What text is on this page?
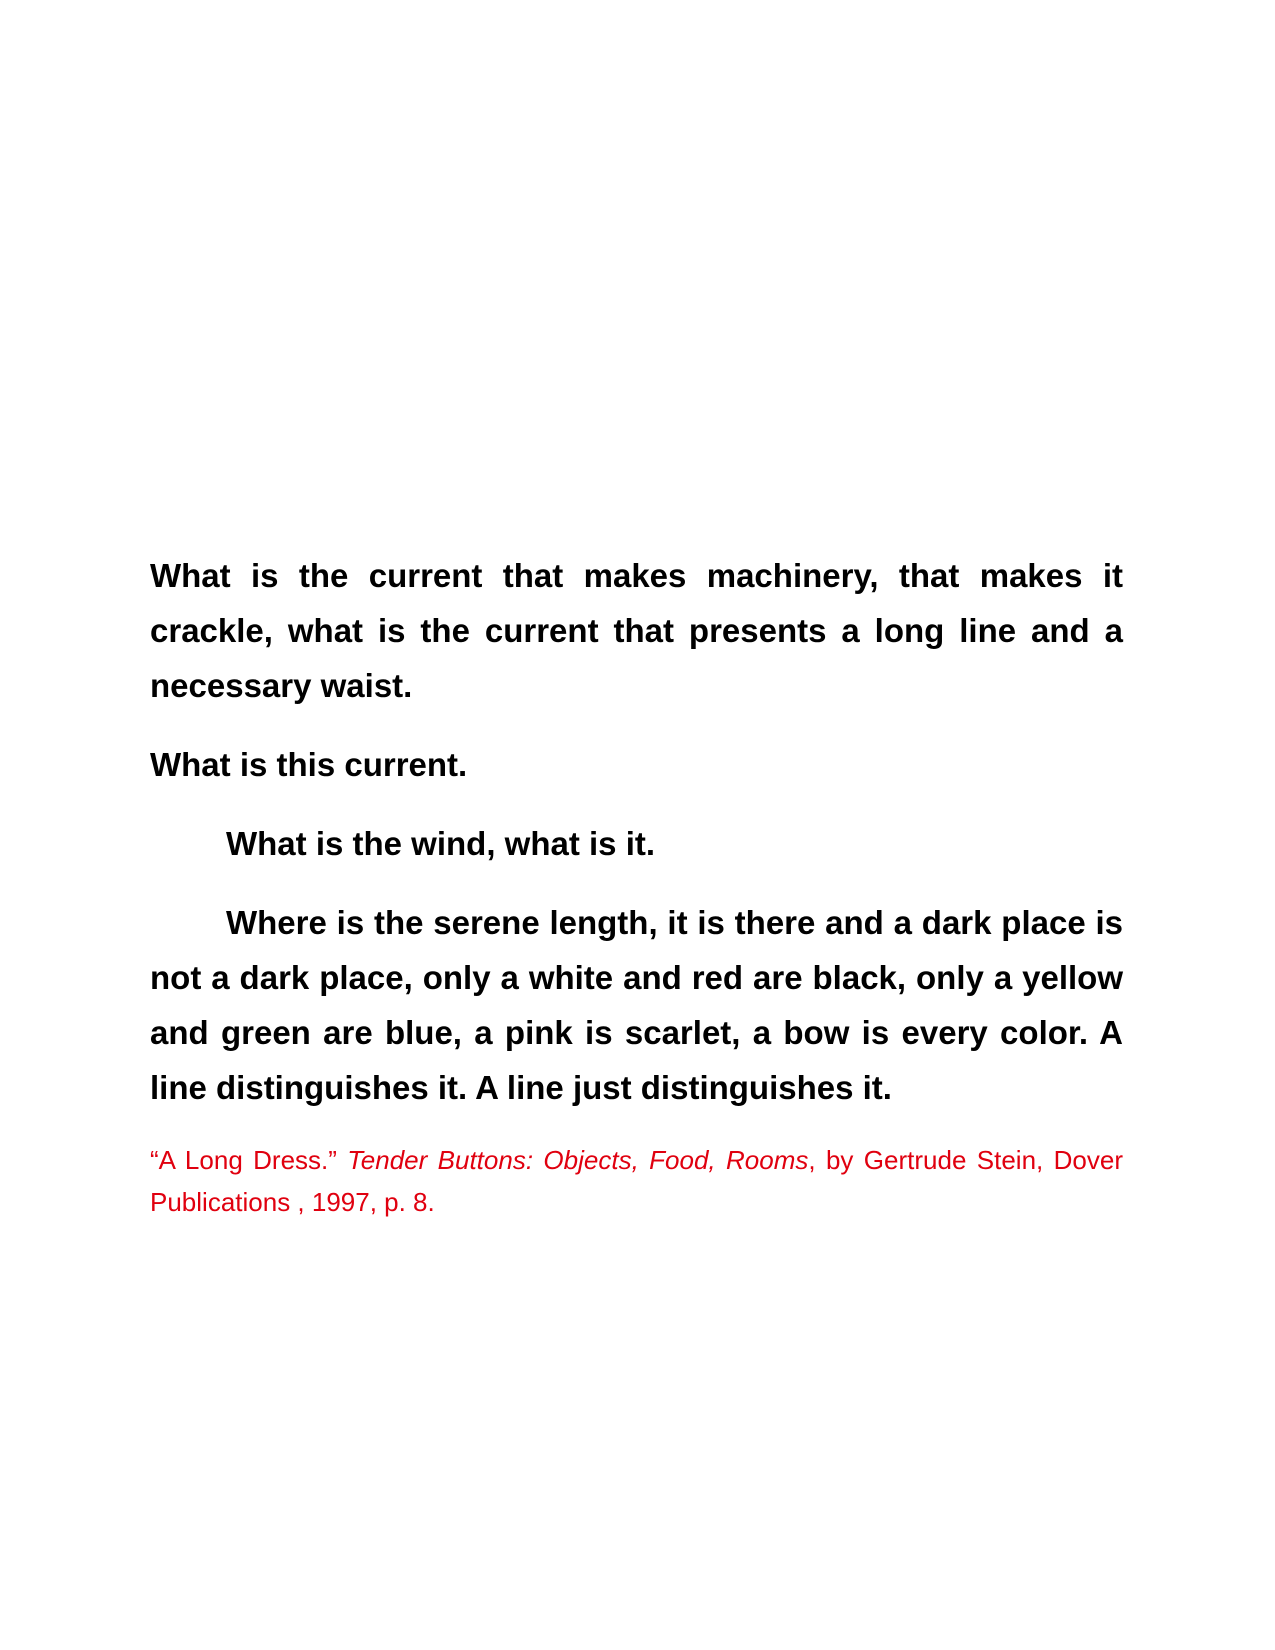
What is the current that makes machinery, that makes it crackle, what is the current that presents a long line and a necessary waist.

What is this current.

What is the wind, what is it.

Where is the serene length, it is there and a dark place is not a dark place, only a white and red are black, only a yellow and green are blue, a pink is scarlet, a bow is every color. A line distinguishes it. A line just distinguishes it.

“A Long Dress.” Tender Buttons: Objects, Food, Rooms, by Gertrude Stein, Dover Publications , 1997, p. 8.
